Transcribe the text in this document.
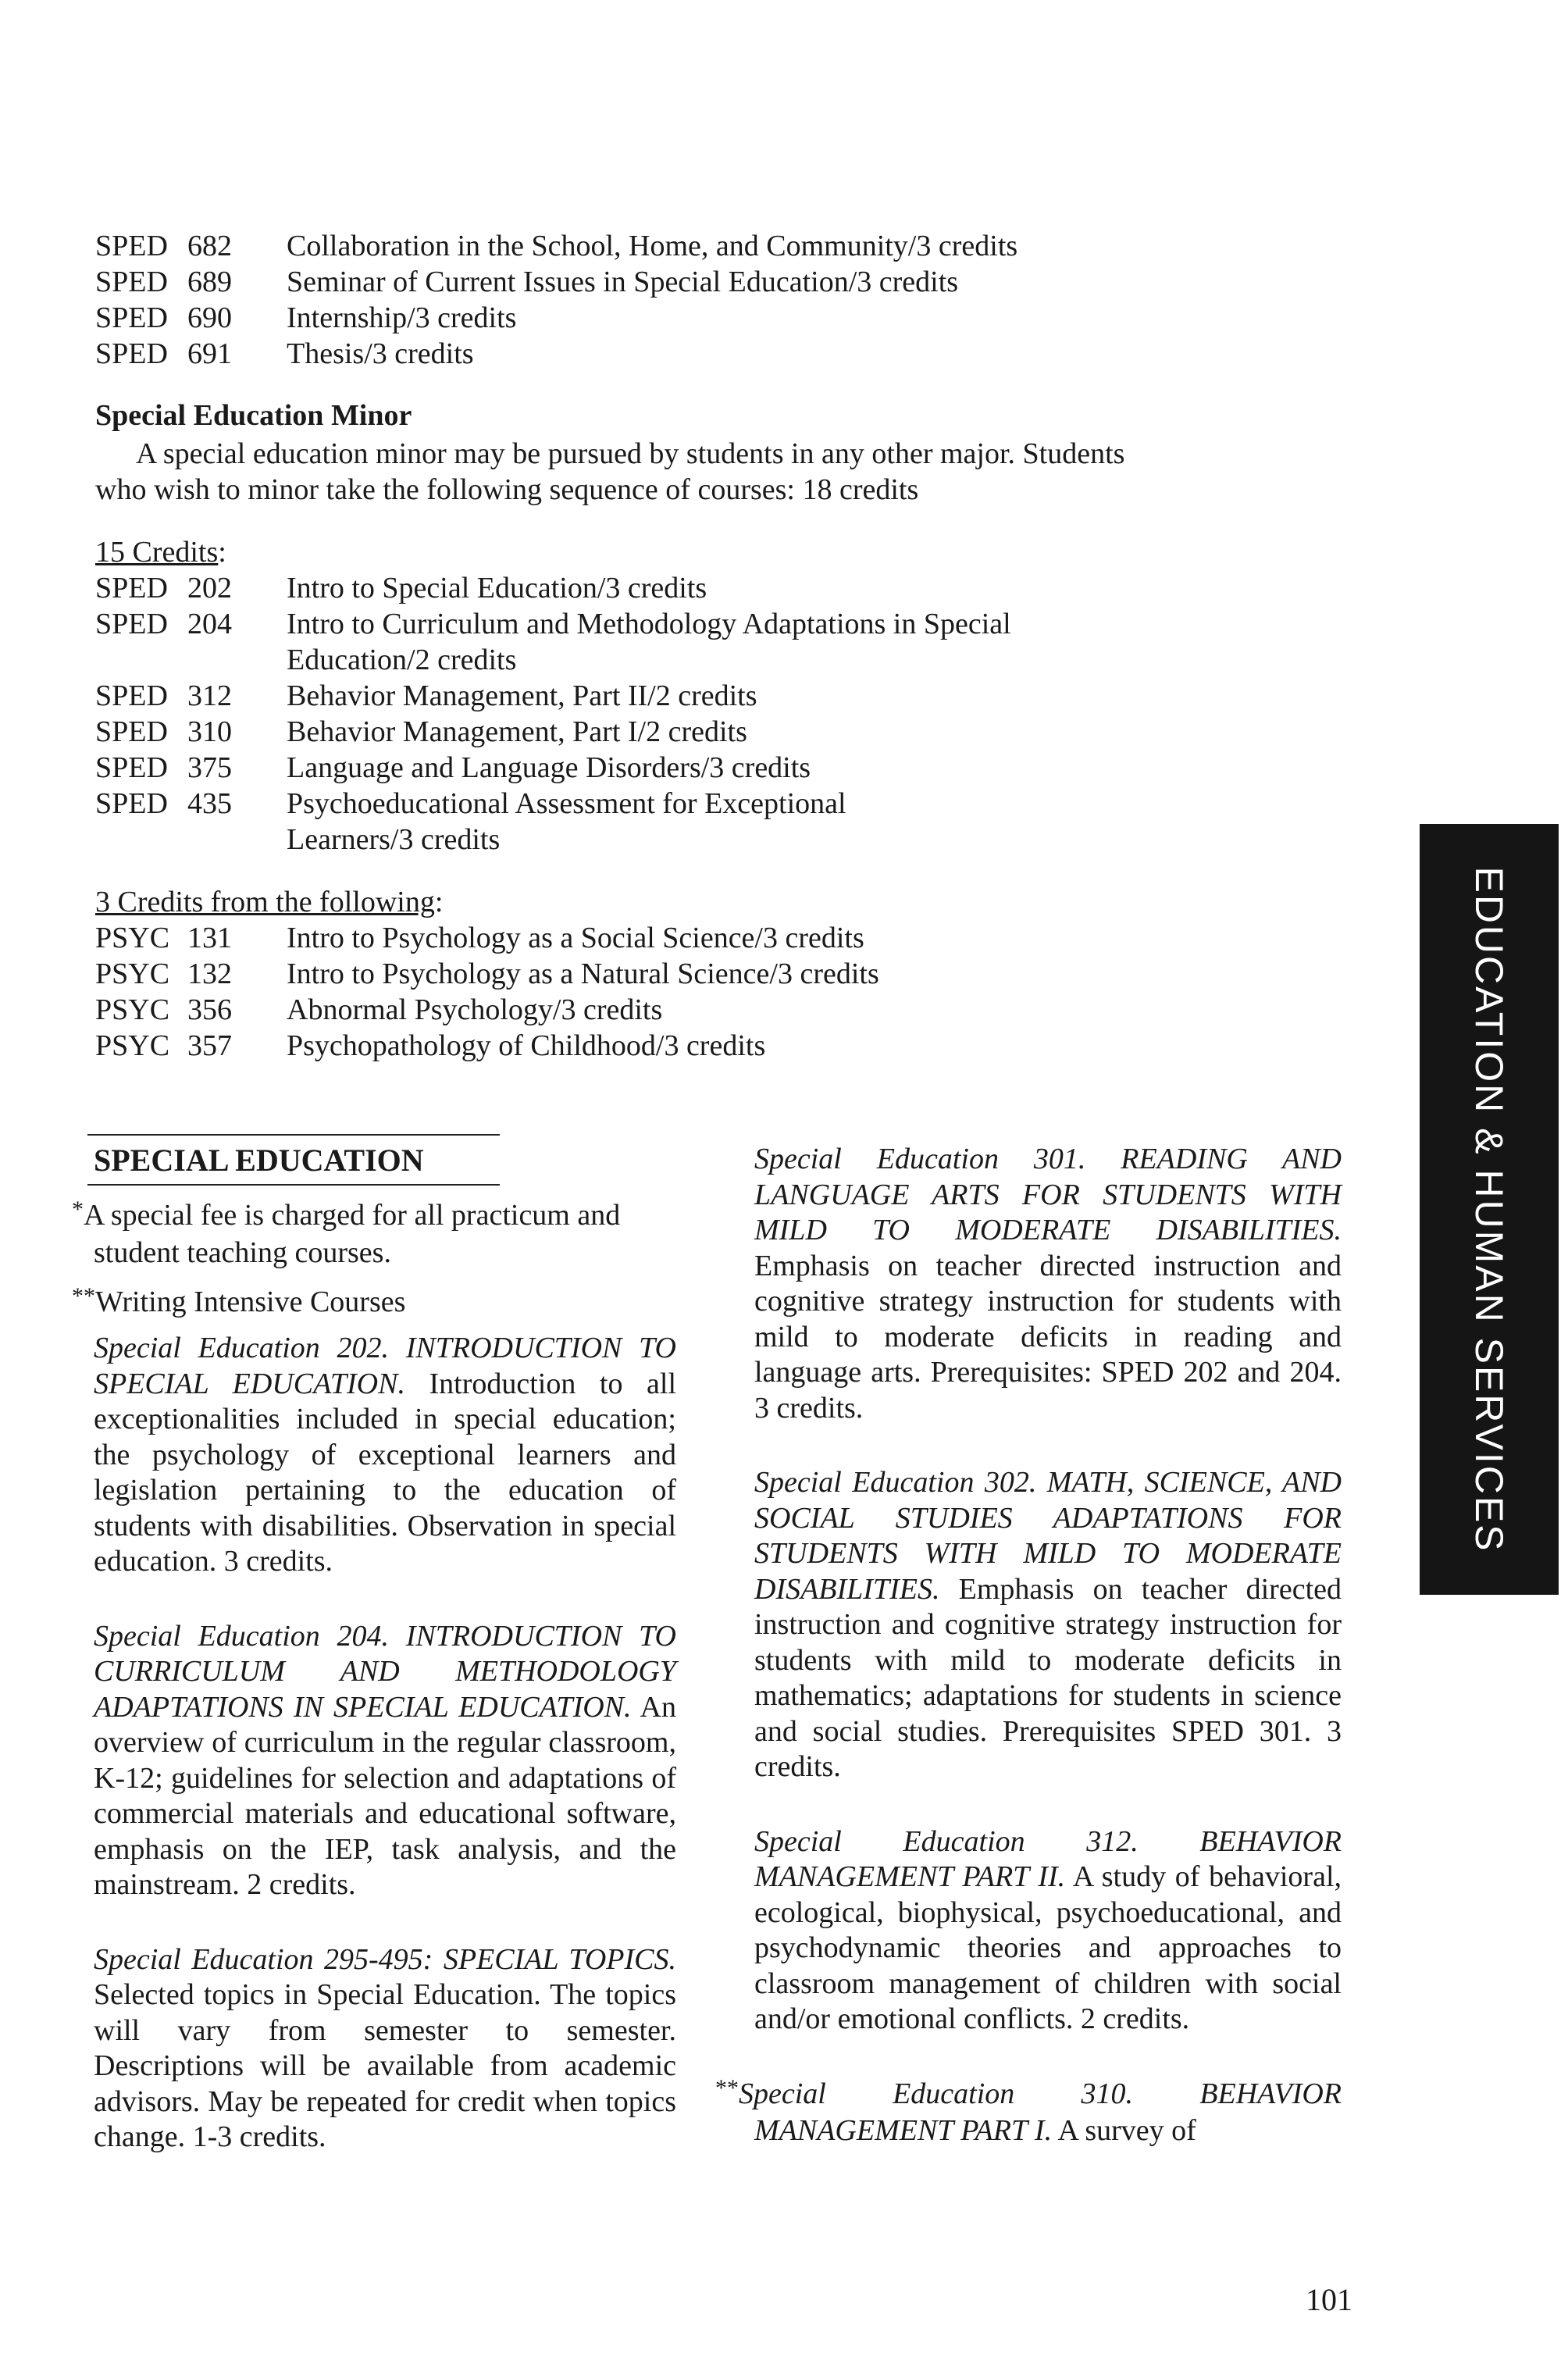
SPED 682 Collaboration in the School, Home, and Community/3 credits
SPED 689 Seminar of Current Issues in Special Education/3 credits
SPED 690 Internship/3 credits
SPED 691 Thesis/3 credits
Special Education Minor
A special education minor may be pursued by students in any other major. Students
who wish to minor take the following sequence of courses: 18 credits
15 Credits:
SPED 202 Intro to Special Education/3 credits
SPED 204 Intro to Curriculum and Methodology Adaptations in Special
Education/2 credits
SPED 312 Behavior Management, Part II/2 credits
SPED 310 Behavior Management, Part I/2 credits
SPED 375 Language and Language Disorders/3 credits
SPED 435 Psychoeducational Assessment for Exceptional
Learners/3 credits
3 Credits from the following:
PSYC 131 Intro to Psychology as a Social Science/3 credits
PSYC 132 Intro to Psychology as a Natural Science/3 credits
PSYC 356 Abnormal Psychology/3 credits
PSYC 357 Psychopathology of Childhood/3 credits
SPECIAL EDUCATION
*A special fee is charged for all practicum and student teaching courses.
**Writing Intensive Courses

Special Education 202. INTRODUCTION TO SPECIAL EDUCATION. Introduction to all exceptionalities included in special education; the psychology of exceptional learners and legislation pertaining to the education of students with disabilities. Observation in special education. 3 credits.

Special Education 204. INTRODUCTION TO CURRICULUM AND METHODOLOGY ADAPTATIONS IN SPECIAL EDUCATION. An overview of curriculum in the regular classroom, K-12; guidelines for selection and adaptations of commercial materials and educational software, emphasis on the IEP, task analysis, and the mainstream. 2 credits.

Special Education 295-495: SPECIAL TOPICS. Selected topics in Special Education. The topics will vary from semester to semester. Descriptions will be available from academic advisors. May be repeated for credit when topics change. 1-3 credits.

Special Education 301. READING AND LANGUAGE ARTS FOR STUDENTS WITH MILD TO MODERATE DISABILITIES. Emphasis on teacher directed instruction and cognitive strategy instruction for students with mild to moderate deficits in reading and language arts. Prerequisites: SPED 202 and 204. 3 credits.

Special Education 302. MATH, SCIENCE, AND SOCIAL STUDIES ADAPTATIONS FOR STUDENTS WITH MILD TO MODERATE DISABILITIES. Emphasis on teacher directed instruction and cognitive strategy instruction for students with mild to moderate deficits in mathematics; adaptations for students in science and social studies. Prerequisites SPED 301. 3 credits.

Special Education 312. BEHAVIOR MANAGEMENT PART II. A study of behavioral, ecological, biophysical, psychoeducational, and psychodynamic theories and approaches to classroom management of children with social and/or emotional conflicts. 2 credits.

**Special Education 310. BEHAVIOR MANAGEMENT PART I. A survey of

EDUCATION & HUMAN SERVICES
101
